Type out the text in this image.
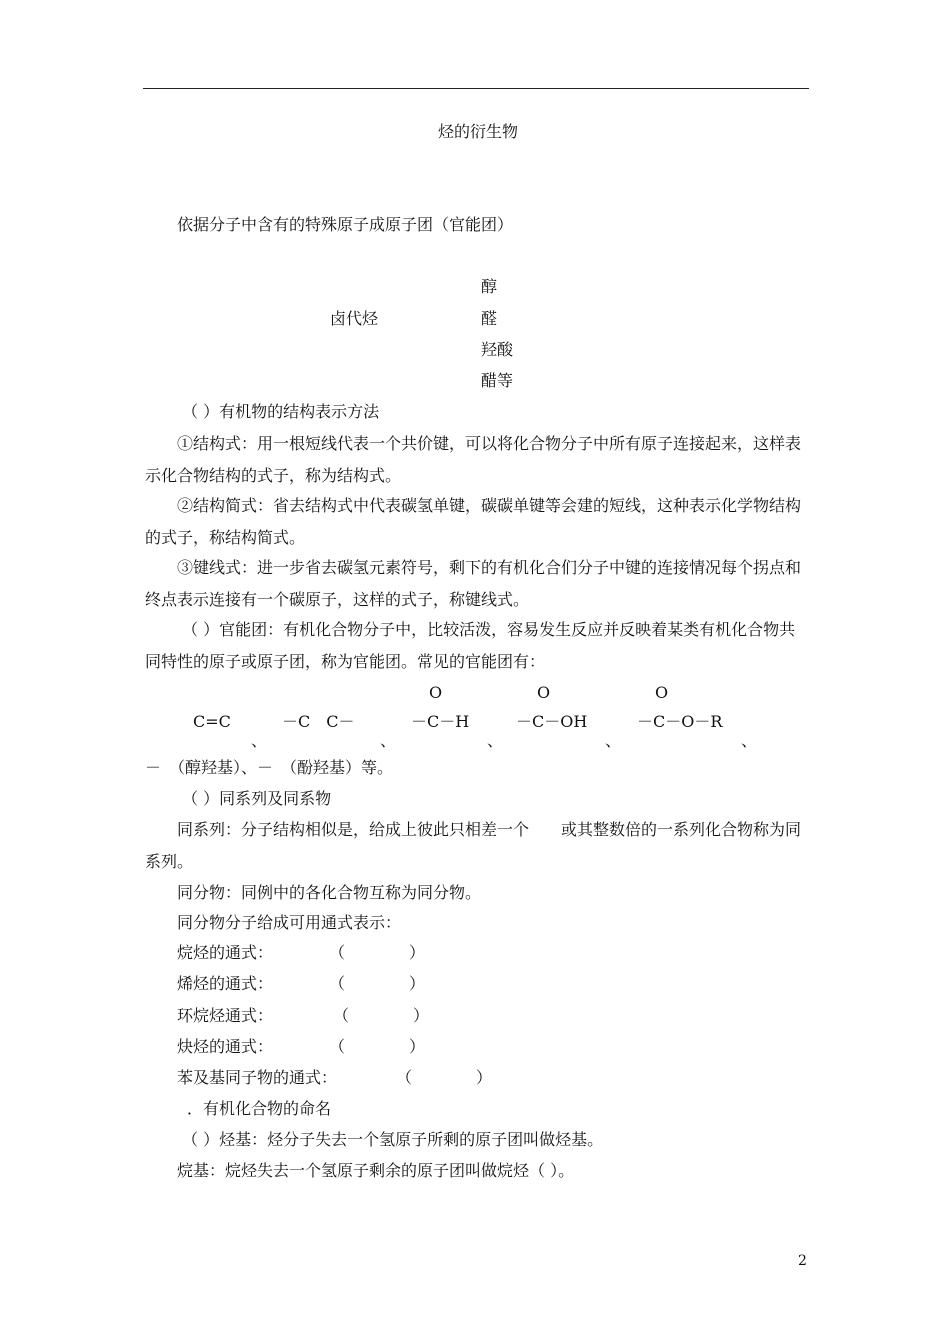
烃的衍生物
依据分子中含有的特殊原子成原子团（官能团）
卤代烃
醇
醛
羟酸
醋等
（ ）有机物的结构表示方法
①结构式：用一根短线代表一个共价键，可以将化合物分子中所有原子连接起来，这样表示化合物结构的式子，称为结构式。
②结构简式：省去结构式中代表碳氢单键，碳碳单键等会建的短线，这种表示化学物结构的式子，称结构简式。
③键线式：进一步省去碳氢元素符号，剩下的有机化合们分子中键的连接情况每个拐点和终点表示连接有一个碳原子，这样的式子，称键线式。
（ ）官能团：有机化合物分子中，比较活泼，容易发生反应并反映着某类有机化合物共同特性的原子或原子团，称为官能团。常见的官能团有：
O	O	O
C=C	－C　C－	－C－H	－C－OH	－C－O－R
、	、	、	、	、
－　（醇羟基）、－　（酚羟基）等。
（ ）同系列及同系物
同系列：分子结构相似是，给成上彼此只相差一个　　或其整数倍的一系列化合物称为同系列。
同分物：同例中的各化合物互称为同分物。
同分物分子给成可用通式表示：
烷烃的通式：	（　　　　）
烯烃的通式：	（　　　　）
环烷烃通式：	（　　　　）
炔烃的通式：	（　　　　）
苯及基同子物的通式：	（　　　　）
．有机化合物的命名
（ ）烃基：烃分子失去一个氢原子所剩的原子团叫做烃基。
烷基：烷烃失去一个氢原子剩余的原子团叫做烷烃（ ）。
2
